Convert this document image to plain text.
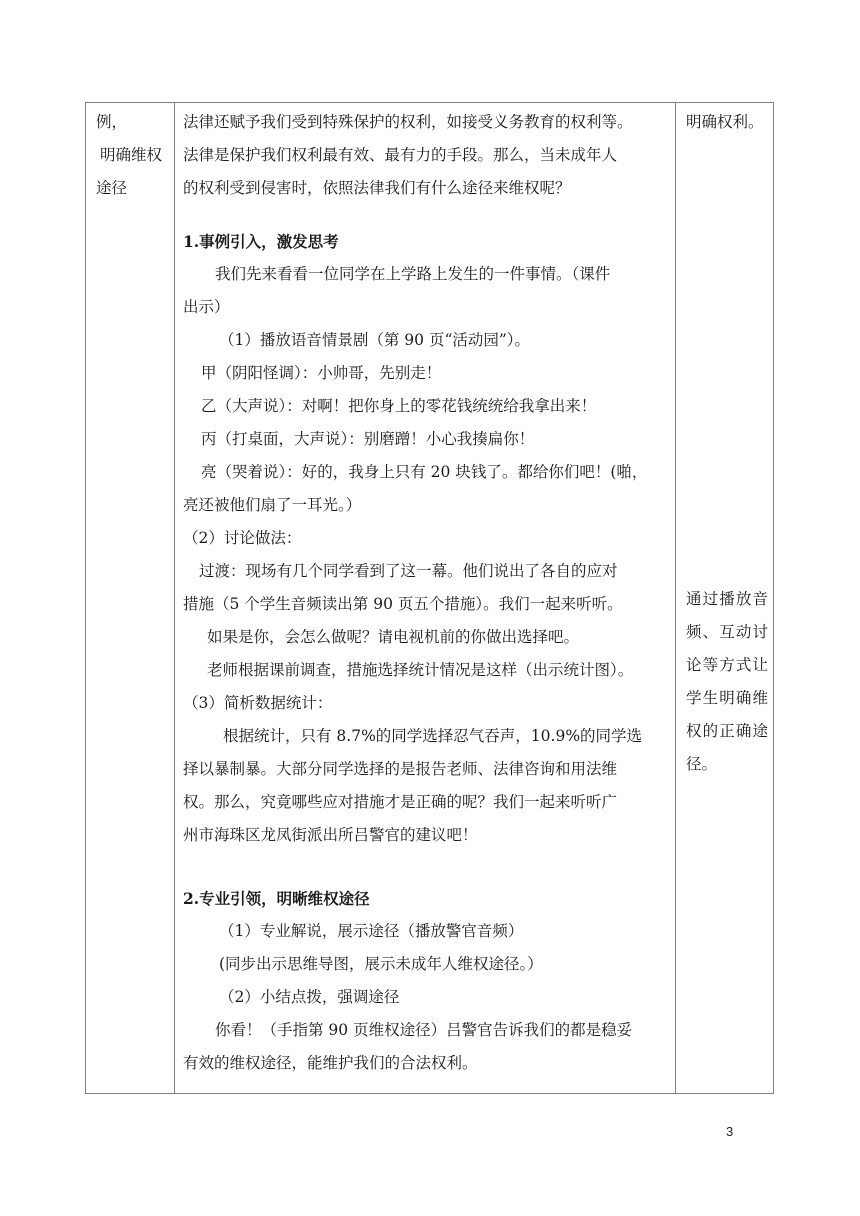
例，
明确维权
途径
法律还赋予我们受到特殊保护的权利，如接受义务教育的权利等。
法律是保护我们权利最有效、最有力的手段。那么，当未成年人
的权利受到侵害时，依照法律我们有什么途径来维权呢？
1.事例引入，激发思考
我们先来看看一位同学在上学路上发生的一件事情。（课件
出示）
（1）播放语音情景剧（第 90 页“活动园”）。
甲（阴阳怪调）：小帅哥，先别走！
乙（大声说）：对啊！把你身上的零花钱统统给我拿出来！
丙（打桌面，大声说）：别磨蹭！小心我揍扁你！
亮（哭着说）：好的，我身上只有 20 块钱了。都给你们吧！(啪，
亮还被他们扇了一耳光。）
（2）讨论做法：
过渡：现场有几个同学看到了这一幕。他们说出了各自的应对
措施（5 个学生音频读出第 90 页五个措施）。我们一起来听听。
如果是你，会怎么做呢？请电视机前的你做出选择吧。
老师根据课前调查，措施选择统计情况是这样（出示统计图）。
（3）简析数据统计：
根据统计，只有 8.7%的同学选择忍气吞声，10.9%的同学选
择以暴制暴。大部分同学选择的是报告老师、法律咨询和用法维
权。那么，究竟哪些应对措施才是正确的呢？我们一起来听听广
州市海珠区龙凤街派出所吕警官的建议吧！
2.专业引领，明晰维权途径
（1）专业解说，展示途径（播放警官音频）
(同步出示思维导图，展示未成年人维权途径。）
（2）小结点拨，强调途径
你看！（手指第 90 页维权途径）吕警官告诉我们的都是稳妥
有效的维权途径，能维护我们的合法权利。
明确权利。
通过播放音频、互动讨论等方式让学生明确维权的正确途径。
3
